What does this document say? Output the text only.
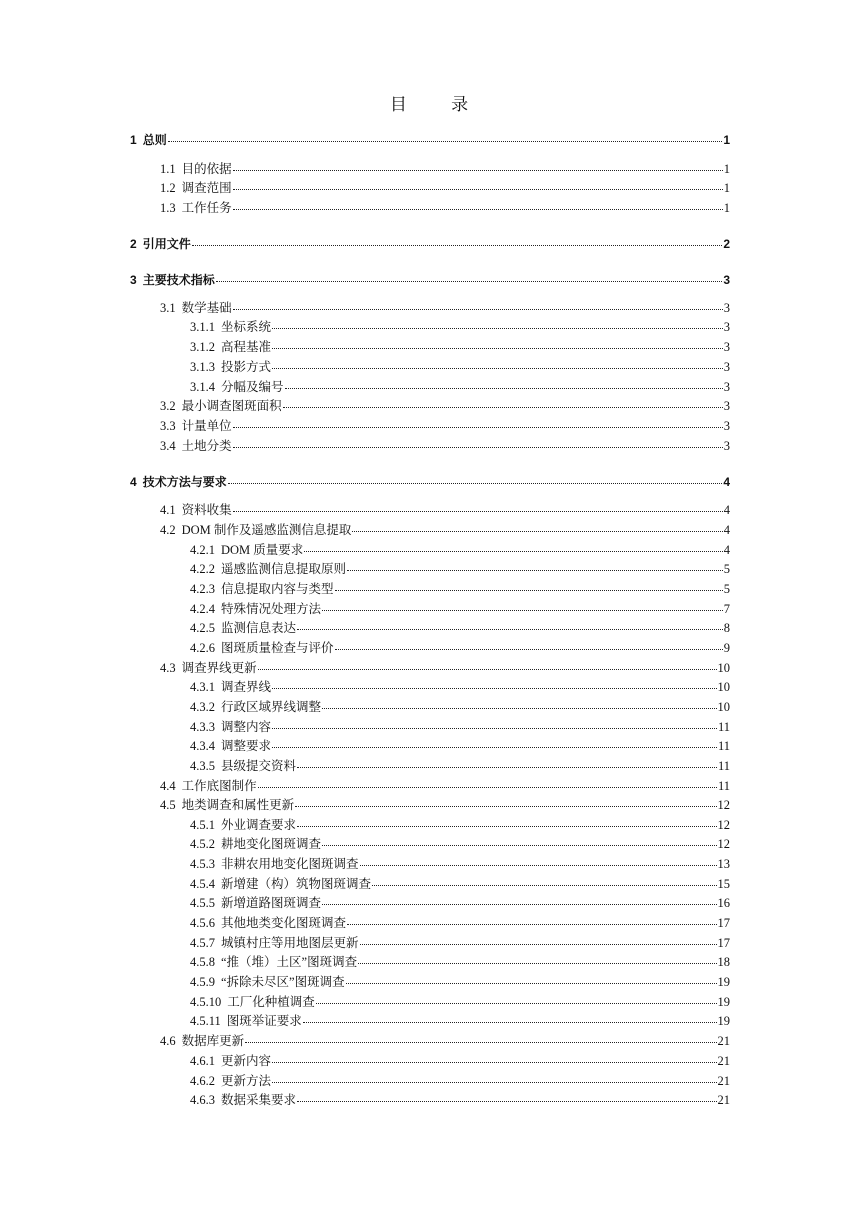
目 录
1 总则	1
1.1 目的依据	1
1.2 调查范围	1
1.3 工作任务	1
2 引用文件	2
3 主要技术指标	3
3.1 数学基础	3
3.1.1 坐标系统	3
3.1.2 高程基准	3
3.1.3 投影方式	3
3.1.4 分幅及编号	3
3.2 最小调查图斑面积	3
3.3 计量单位	3
3.4 土地分类	3
4 技术方法与要求	4
4.1 资料收集	4
4.2 DOM 制作及遥感监测信息提取	4
4.2.1 DOM 质量要求	4
4.2.2 遥感监测信息提取原则	5
4.2.3 信息提取内容与类型	5
4.2.4 特殊情况处理方法	7
4.2.5 监测信息表达	8
4.2.6 图斑质量检查与评价	9
4.3 调查界线更新	10
4.3.1 调查界线	10
4.3.2 行政区域界线调整	10
4.3.3 调整内容	11
4.3.4 调整要求	11
4.3.5 县级提交资料	11
4.4 工作底图制作	11
4.5 地类调查和属性更新	12
4.5.1 外业调查要求	12
4.5.2 耕地变化图斑调查	12
4.5.3 非耕农用地变化图斑调查	13
4.5.4 新增建（构）筑物图斑调查	15
4.5.5 新增道路图斑调查	16
4.5.6 其他地类变化图斑调查	17
4.5.7 城镇村庄等用地图层更新	17
4.5.8 “推（堆）土区”图斑调查	18
4.5.9 “拆除未尽区”图斑调查	19
4.5.10 工厂化种植调查	19
4.5.11 图斑举证要求	19
4.6 数据库更新	21
4.6.1 更新内容	21
4.6.2 更新方法	21
4.6.3 数据采集要求	21
